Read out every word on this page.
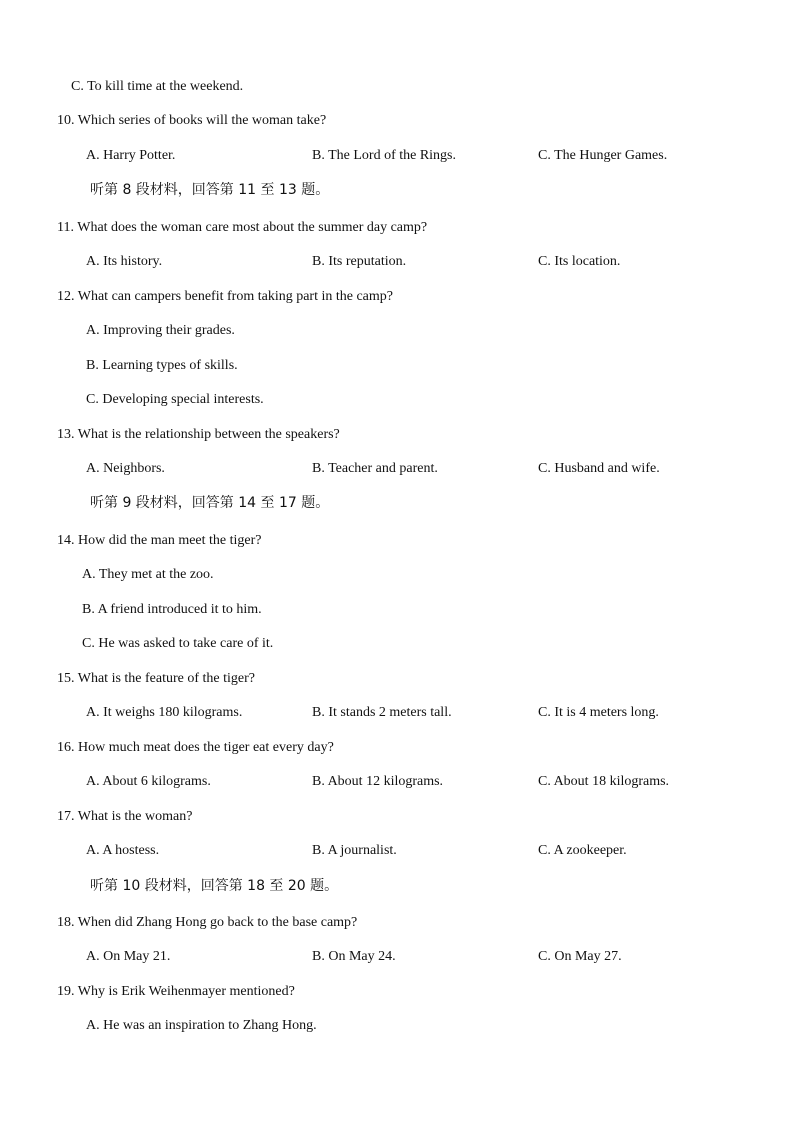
C. To kill time at the weekend.
10. Which series of books will the woman take?
A. Harry Potter.	B. The Lord of the Rings.	C. The Hunger Games.
听第 8 段材料，回答第 11 至 13 题。
11. What does the woman care most about the summer day camp?
A. Its history.	B. Its reputation.	C. Its location.
12. What can campers benefit from taking part in the camp?
A. Improving their grades.
B. Learning types of skills.
C. Developing special interests.
13. What is the relationship between the speakers?
A. Neighbors.	B. Teacher and parent.	C. Husband and wife.
听第 9 段材料，回答第 14 至 17 题。
14. How did the man meet the tiger?
A. They met at the zoo.
B. A friend introduced it to him.
C. He was asked to take care of it.
15. What is the feature of the tiger?
A. It weighs 180 kilograms.	B. It stands 2 meters tall.	C. It is 4 meters long.
16. How much meat does the tiger eat every day?
A. About 6 kilograms.	B. About 12 kilograms.	C. About 18 kilograms.
17. What is the woman?
A. A hostess.	B. A journalist.	C. A zookeeper.
听第 10 段材料，回答第 18 至 20 题。
18. When did Zhang Hong go back to the base camp?
A. On May 21.	B. On May 24.	C. On May 27.
19. Why is Erik Weihenmayer mentioned?
A. He was an inspiration to Zhang Hong.
